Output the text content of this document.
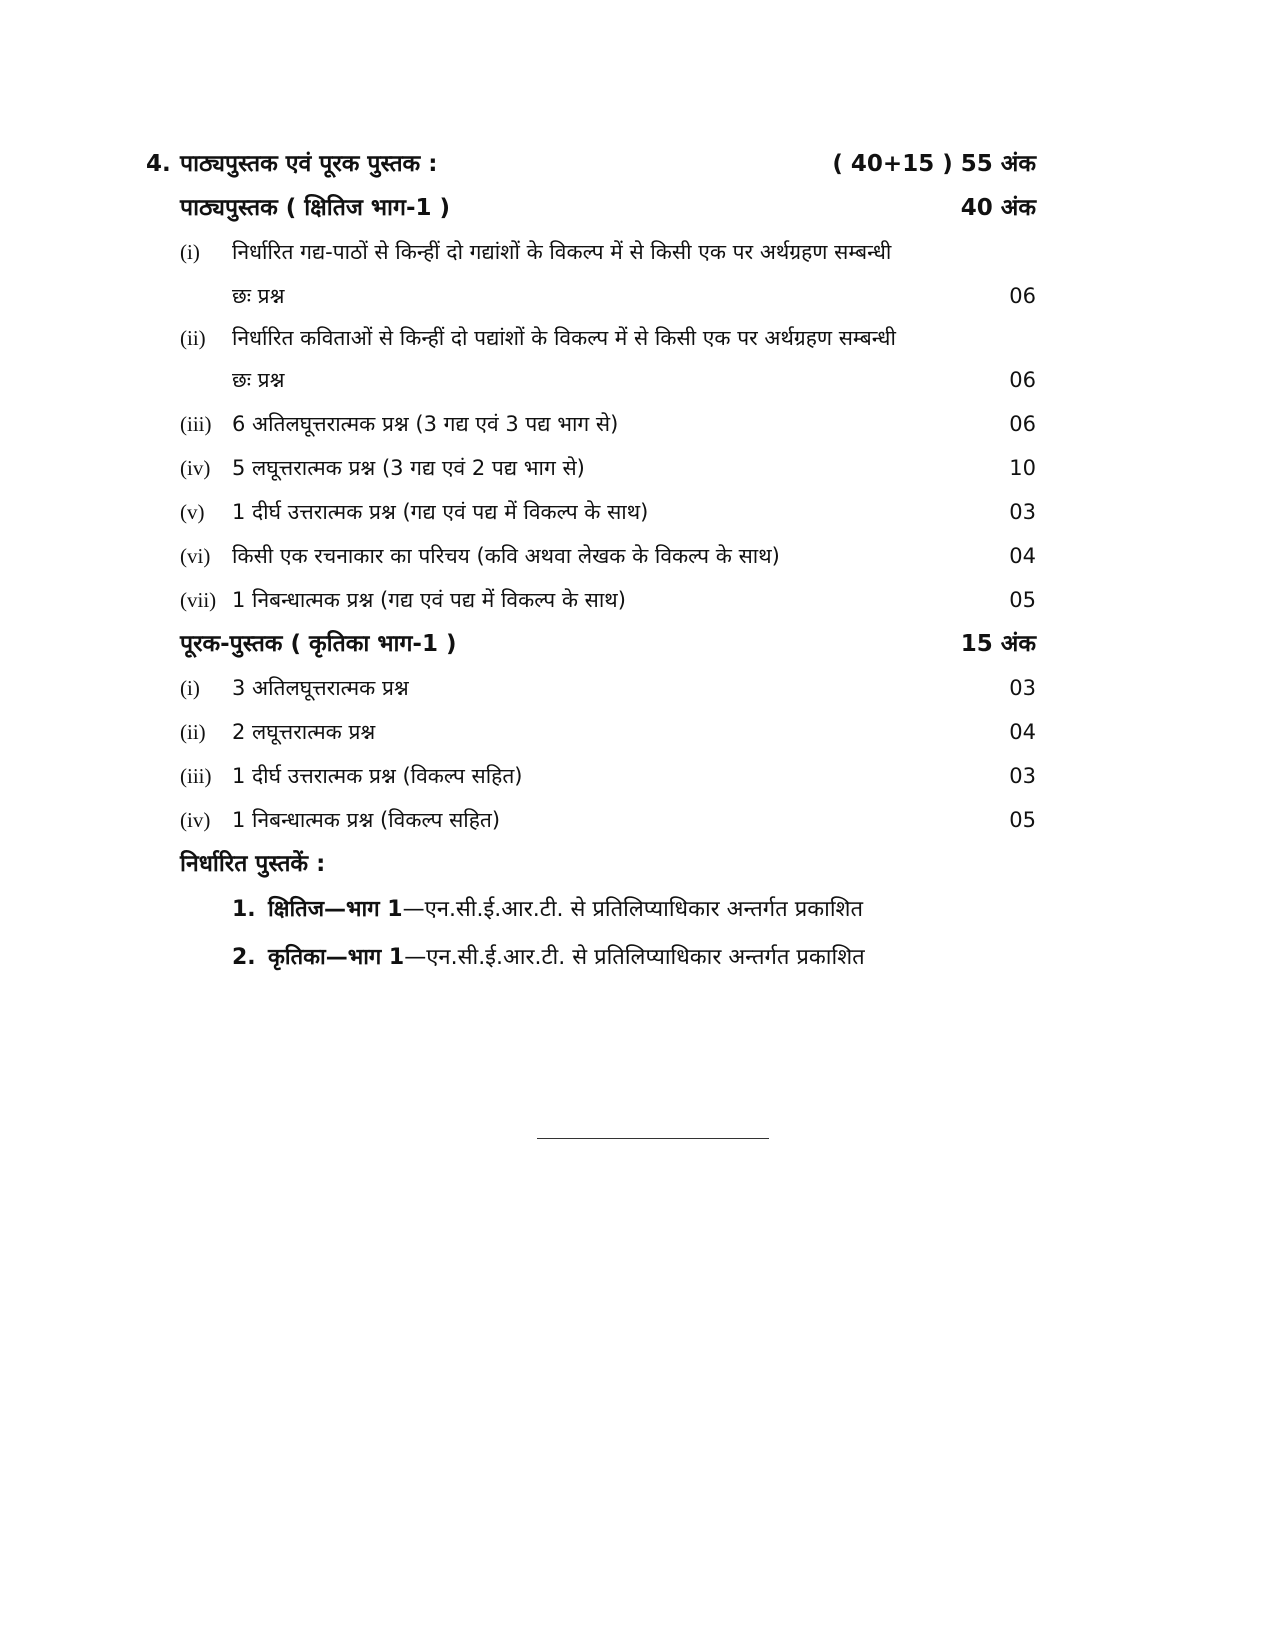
4. पाठ्यपुस्तक एवं पूरक पुस्तक :	( 40+15 ) 55 अंक
पाठ्यपुस्तक ( क्षितिज भाग-1 )	40 अंक
(i) निर्धारित गद्य-पाठों से किन्हीं दो गद्यांशों के विकल्प में से किसी एक पर अर्थग्रहण सम्बन्धी
छः प्रश्न	06
(ii) निर्धारित कविताओं से किन्हीं दो पद्यांशों के विकल्प में से किसी एक पर अर्थग्रहण सम्बन्धी
छः प्रश्न	06
(iii) 6 अतिलघूत्तरात्मक प्रश्न (3 गद्य एवं 3 पद्य भाग से)	06
(iv) 5 लघूत्तरात्मक प्रश्न (3 गद्य एवं 2 पद्य भाग से)	10
(v) 1 दीर्घ उत्तरात्मक प्रश्न (गद्य एवं पद्य में विकल्प के साथ)	03
(vi) किसी एक रचनाकार का परिचय (कवि अथवा लेखक के विकल्प के साथ)	04
(vii) 1 निबन्धात्मक प्रश्न (गद्य एवं पद्य में विकल्प के साथ)	05
पूरक-पुस्तक ( कृतिका भाग-1 )	15 अंक
(i) 3 अतिलघूत्तरात्मक प्रश्न	03
(ii) 2 लघूत्तरात्मक प्रश्न	04
(iii) 1 दीर्घ उत्तरात्मक प्रश्न (विकल्प सहित)	03
(iv) 1 निबन्धात्मक प्रश्न (विकल्प सहित)	05
निर्धारित पुस्तकें :
1. क्षितिज—भाग 1—एन.सी.ई.आर.टी. से प्रतिलिप्याधिकार अन्तर्गत प्रकाशित
2. कृतिका—भाग 1—एन.सी.ई.आर.टी. से प्रतिलिप्याधिकार अन्तर्गत प्रकाशित
